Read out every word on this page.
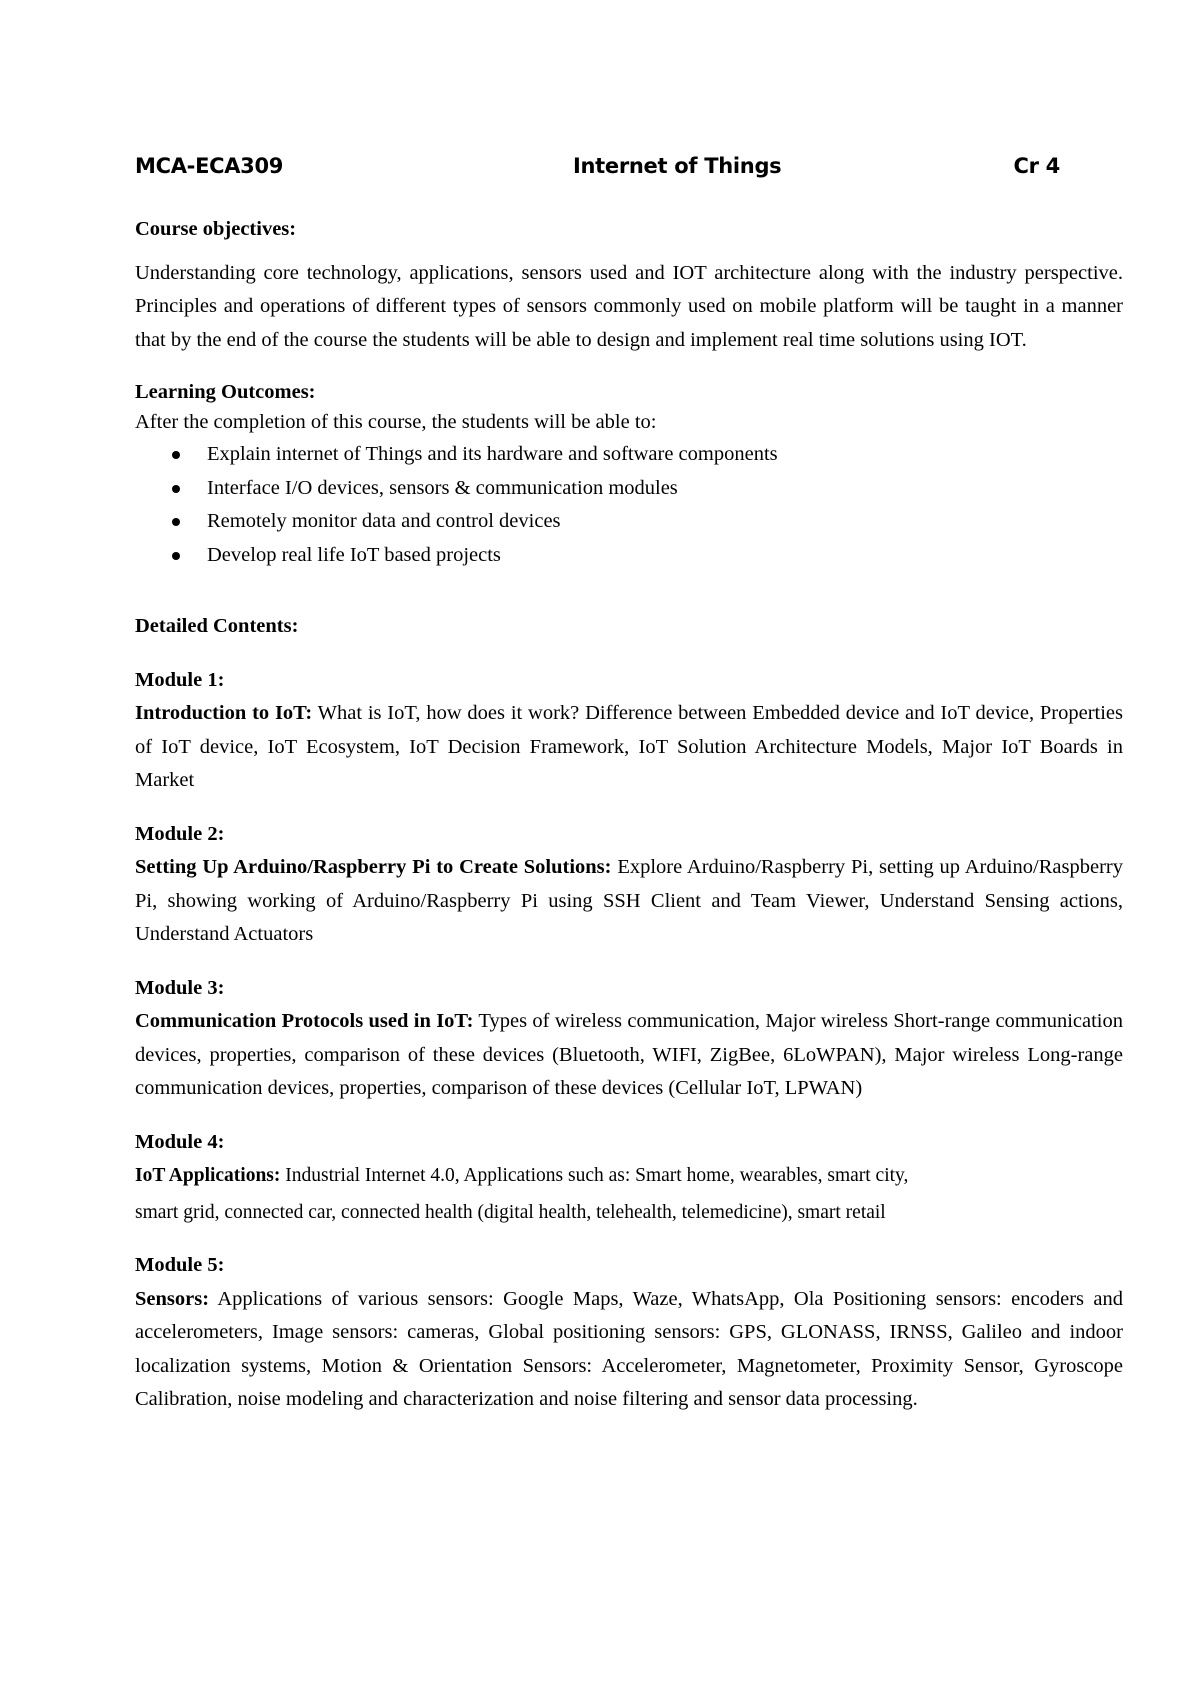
MCA-ECA309	Internet of Things	Cr 4

Course objectives:

Understanding core technology, applications, sensors used and IOT architecture along with the industry perspective. Principles and operations of different types of sensors commonly used on mobile platform will be taught in a manner that by the end of the course the students will be able to design and implement real time solutions using IOT.

Learning Outcomes:

After the completion of this course, the students will be able to:

Explain internet of Things and its hardware and software components
Interface I/O devices, sensors & communication modules
Remotely monitor data and control devices
Develop real life IoT based projects

Detailed Contents:

Module 1:

Introduction to IoT: What is IoT, how does it work? Difference between Embedded device and IoT device, Properties of IoT device, IoT Ecosystem, IoT Decision Framework, IoT Solution Architecture Models, Major IoT Boards in Market

Module 2:

Setting Up Arduino/Raspberry Pi to Create Solutions: Explore Arduino/Raspberry Pi, setting up Arduino/Raspberry Pi, showing working of Arduino/Raspberry Pi using SSH Client and Team Viewer, Understand Sensing actions, Understand Actuators

Module 3:

Communication Protocols used in IoT: Types of wireless communication, Major wireless Short-range communication devices, properties, comparison of these devices (Bluetooth, WIFI, ZigBee, 6LoWPAN), Major wireless Long-range communication devices, properties, comparison of these devices (Cellular IoT, LPWAN)

Module 4:

IoT Applications: Industrial Internet 4.0, Applications such as: Smart home, wearables, smart city,

smart grid, connected car, connected health (digital health, telehealth, telemedicine), smart retail

Module 5:

Sensors: Applications of various sensors: Google Maps, Waze, WhatsApp, Ola Positioning sensors: encoders and accelerometers, Image sensors: cameras, Global positioning sensors: GPS, GLONASS, IRNSS, Galileo and indoor localization systems, Motion & Orientation Sensors: Accelerometer, Magnetometer, Proximity Sensor, Gyroscope Calibration, noise modeling and characterization and noise filtering and sensor data processing.
